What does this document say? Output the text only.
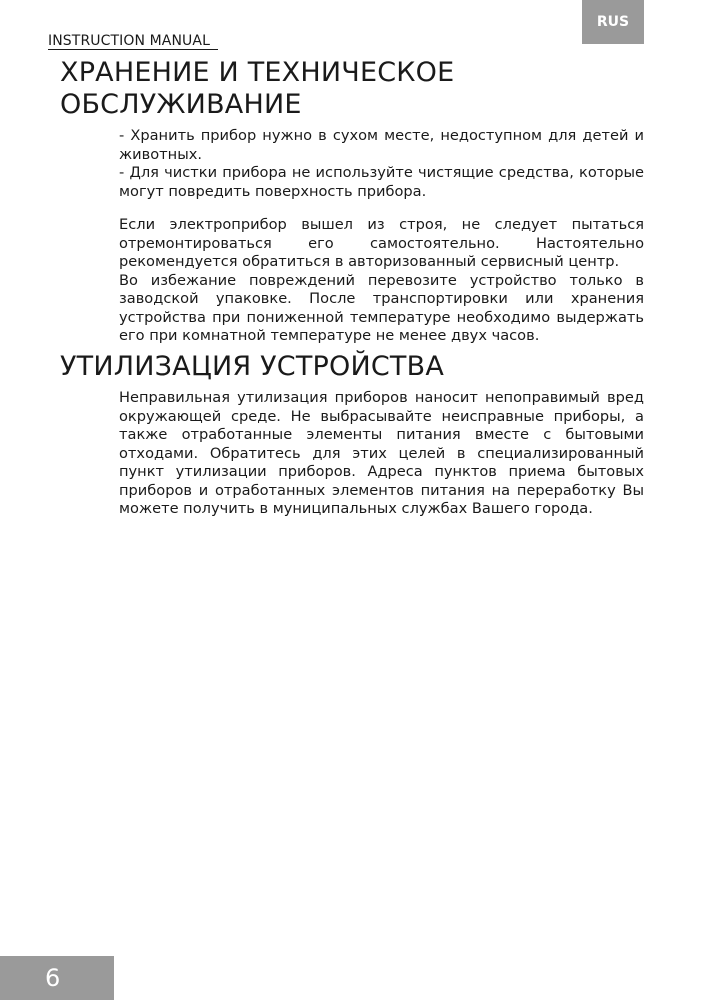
RUS
INSTRUCTION MANUAL
ХРАНЕНИЕ И ТЕХНИЧЕСКОЕ ОБСЛУЖИВАНИЕ

- Хранить прибор нужно в сухом месте, недоступном для детей и животных.

- Для чистки прибора не используйте чистящие средства, которые могут повредить поверхность прибора.

Если электроприбор вышел из строя, не следует пытаться отремонтироваться его самостоятельно. Настоятельно рекомендуется обратиться в авторизованный сервисный центр.

Во избежание повреждений перевозите устройство только в заводской упаковке. После транспортировки или хранения устройства при пониженной температуре необходимо выдержать его при комнатной температуре не менее двух часов.

УТИЛИЗАЦИЯ УСТРОЙСТВА

Неправильная утилизация приборов наносит непоправимый вред окружающей среде. Не выбрасывайте неисправные приборы, а также отработанные элементы питания вместе с бытовыми отходами. Обратитесь для этих целей в специализированный пункт утилизации приборов. Адреса пунктов приема бытовых приборов и отработанных элементов питания на переработку Вы можете получить в муниципальных службах Вашего города.

6
